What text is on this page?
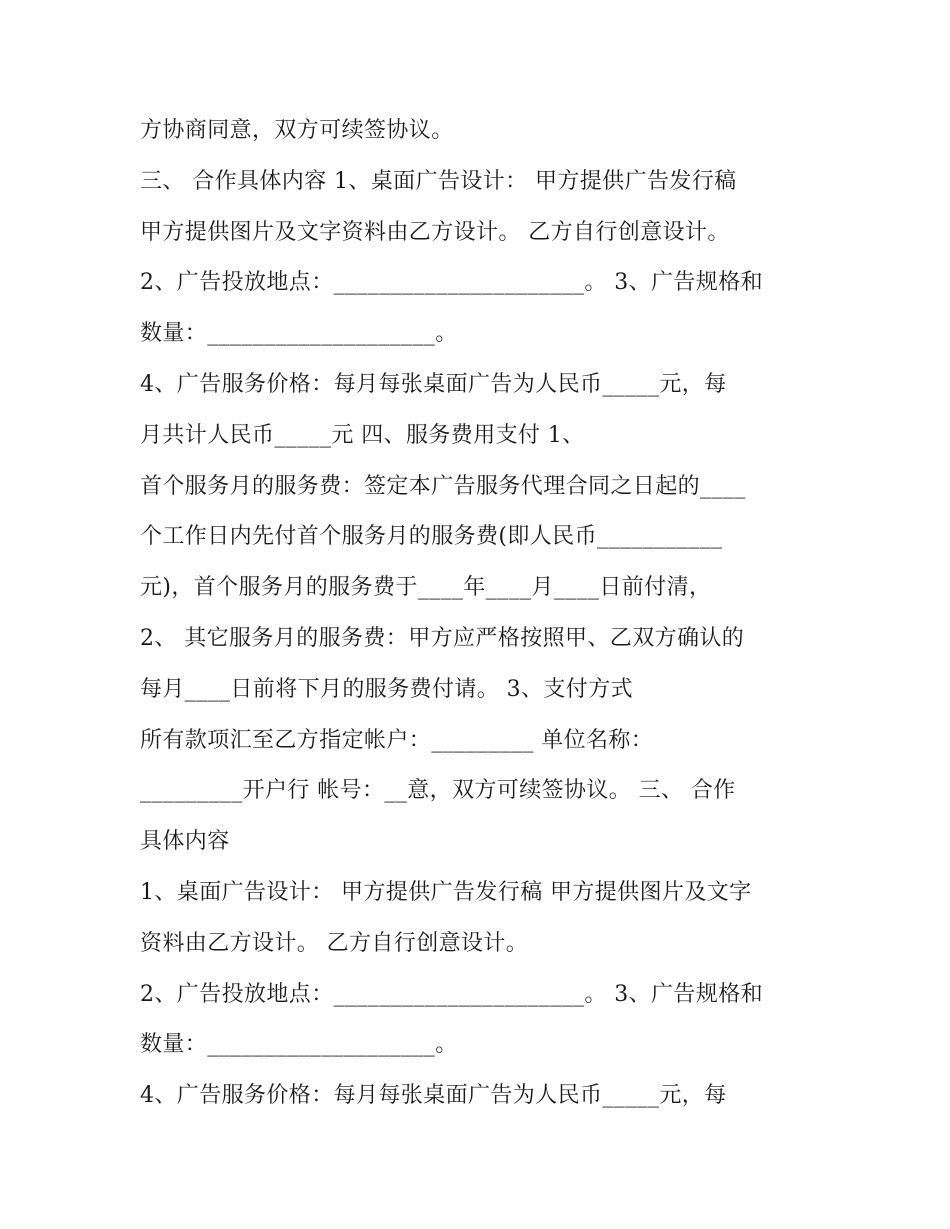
方协商同意，双方可续签协议。
三、 合作具体内容 1、桌面广告设计： 甲方提供广告发行稿
甲方提供图片及文字资料由乙方设计。 乙方自行创意设计。
2、广告投放地点：______________________。 3、广告规格和
数量：____________________。
4、广告服务价格：每月每张桌面广告为人民币_____元，每
月共计人民币_____元 四、服务费用支付 1、
首个服务月的服务费：签定本广告服务代理合同之日起的____
个工作日内先付首个服务月的服务费(即人民币___________
元)，首个服务月的服务费于____年____月____日前付清，
2、 其它服务月的服务费：甲方应严格按照甲、乙双方确认的
每月____日前将下月的服务费付请。 3、支付方式
所有款项汇至乙方指定帐户：_________ 单位名称：
_________开户行 帐号：__意，双方可续签协议。 三、 合作
具体内容
1、桌面广告设计： 甲方提供广告发行稿 甲方提供图片及文字
资料由乙方设计。 乙方自行创意设计。
2、广告投放地点：______________________。 3、广告规格和
数量：____________________。
4、广告服务价格：每月每张桌面广告为人民币_____元，每
